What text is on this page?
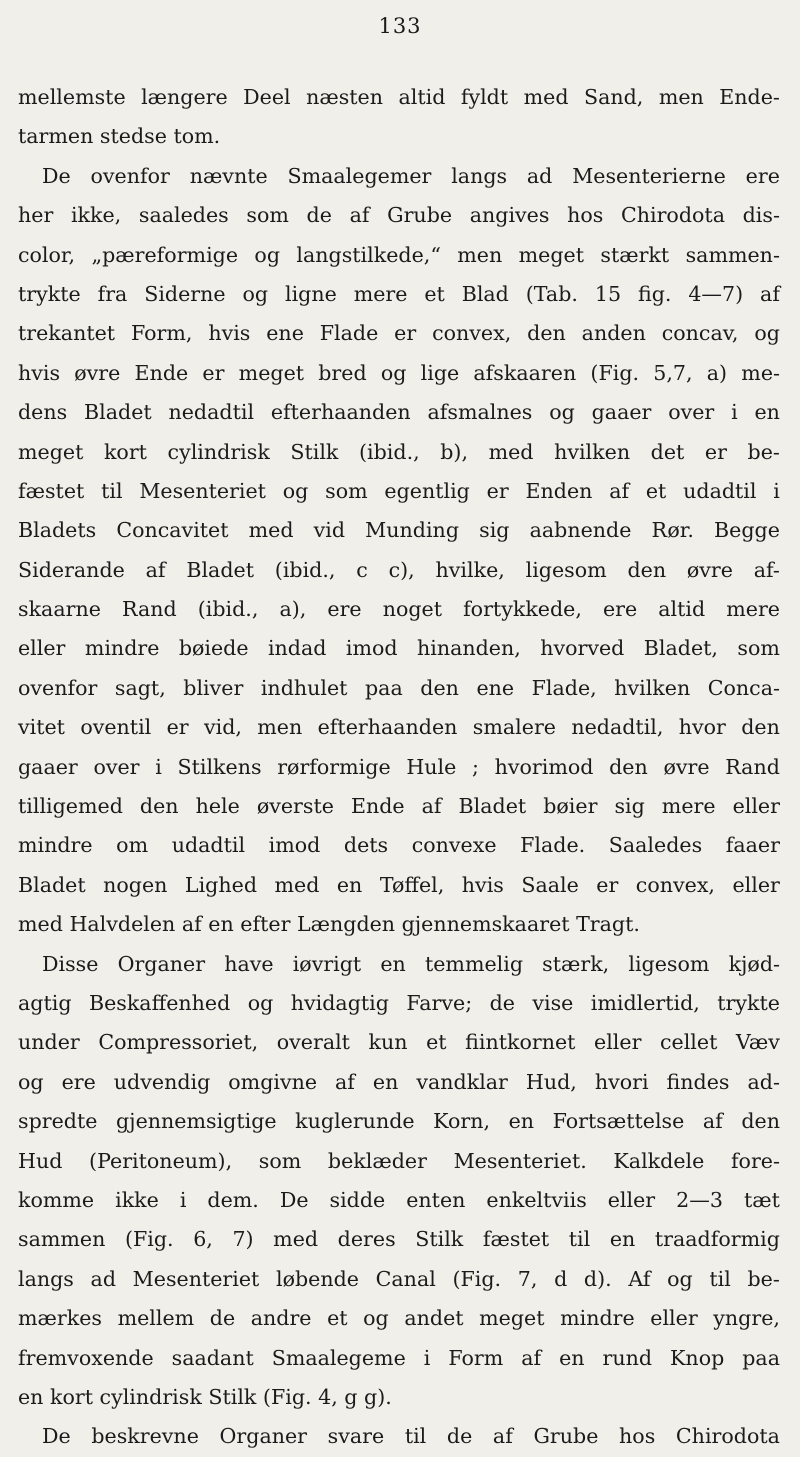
133
mellemste længere Deel næsten altid fyldt med Sand, men Ende-
tarmen stedse tom.
De ovenfor nævnte Smaalegemer langs ad Mesenterierne ere
her ikke, saaledes som de af Grube angives hos Chirodota dis-
color, „pæreformige og langstilkede,“ men meget stærkt sammen-
trykte fra Siderne og ligne mere et Blad (Tab. 15 fig. 4—7) af
trekantet Form, hvis ene Flade er convex, den anden concav, og
hvis øvre Ende er meget bred og lige afskaaren (Fig. 5,7, a) me-
dens Bladet nedadtil efterhaanden afsmalnes og gaaer over i en
meget kort cylindrisk Stilk (ibid., b), med hvilken det er be-
fæstet til Mesenteriet og som egentlig er Enden af et udadtil i
Bladets Concavitet med vid Munding sig aabnende Rør. Begge
Siderande af Bladet (ibid., c c), hvilke, ligesom den øvre af-
skaarne Rand (ibid., a), ere noget fortykkede, ere altid mere
eller mindre bøiede indad imod hinanden, hvorved Bladet, som
ovenfor sagt, bliver indhulet paa den ene Flade, hvilken Conca-
vitet oventil er vid, men efterhaanden smalere nedadtil, hvor den
gaaer over i Stilkens rørformige Hule ; hvorimod den øvre Rand
tilligemed den hele øverste Ende af Bladet bøier sig mere eller
mindre om udadtil imod dets convexe Flade. Saaledes faaer
Bladet nogen Lighed med en Tøffel, hvis Saale er convex, eller
med Halvdelen af en efter Længden gjennemskaaret Tragt.
Disse Organer have iøvrigt en temmelig stærk, ligesom kjød-
agtig Beskaffenhed og hvidagtig Farve; de vise imidlertid, trykte
under Compressoriet, overalt kun et fiintkornet eller cellet Væv
og ere udvendig omgivne af en vandklar Hud, hvori findes ad-
spredte gjennemsigtige kuglerunde Korn, en Fortsættelse af den
Hud (Peritoneum), som beklæder Mesenteriet. Kalkdele fore-
komme ikke i dem. De sidde enten enkeltviis eller 2—3 tæt
sammen (Fig. 6, 7) med deres Stilk fæstet til en traadformig
langs ad Mesenteriet løbende Canal (Fig. 7, d d). Af og til be-
mærkes mellem de andre et og andet meget mindre eller yngre,
fremvoxende saadant Smaalegeme i Form af en rund Knop paa
en kort cylindrisk Stilk (Fig. 4, g g).
De beskrevne Organer svare til de af Grube hos Chirodota
